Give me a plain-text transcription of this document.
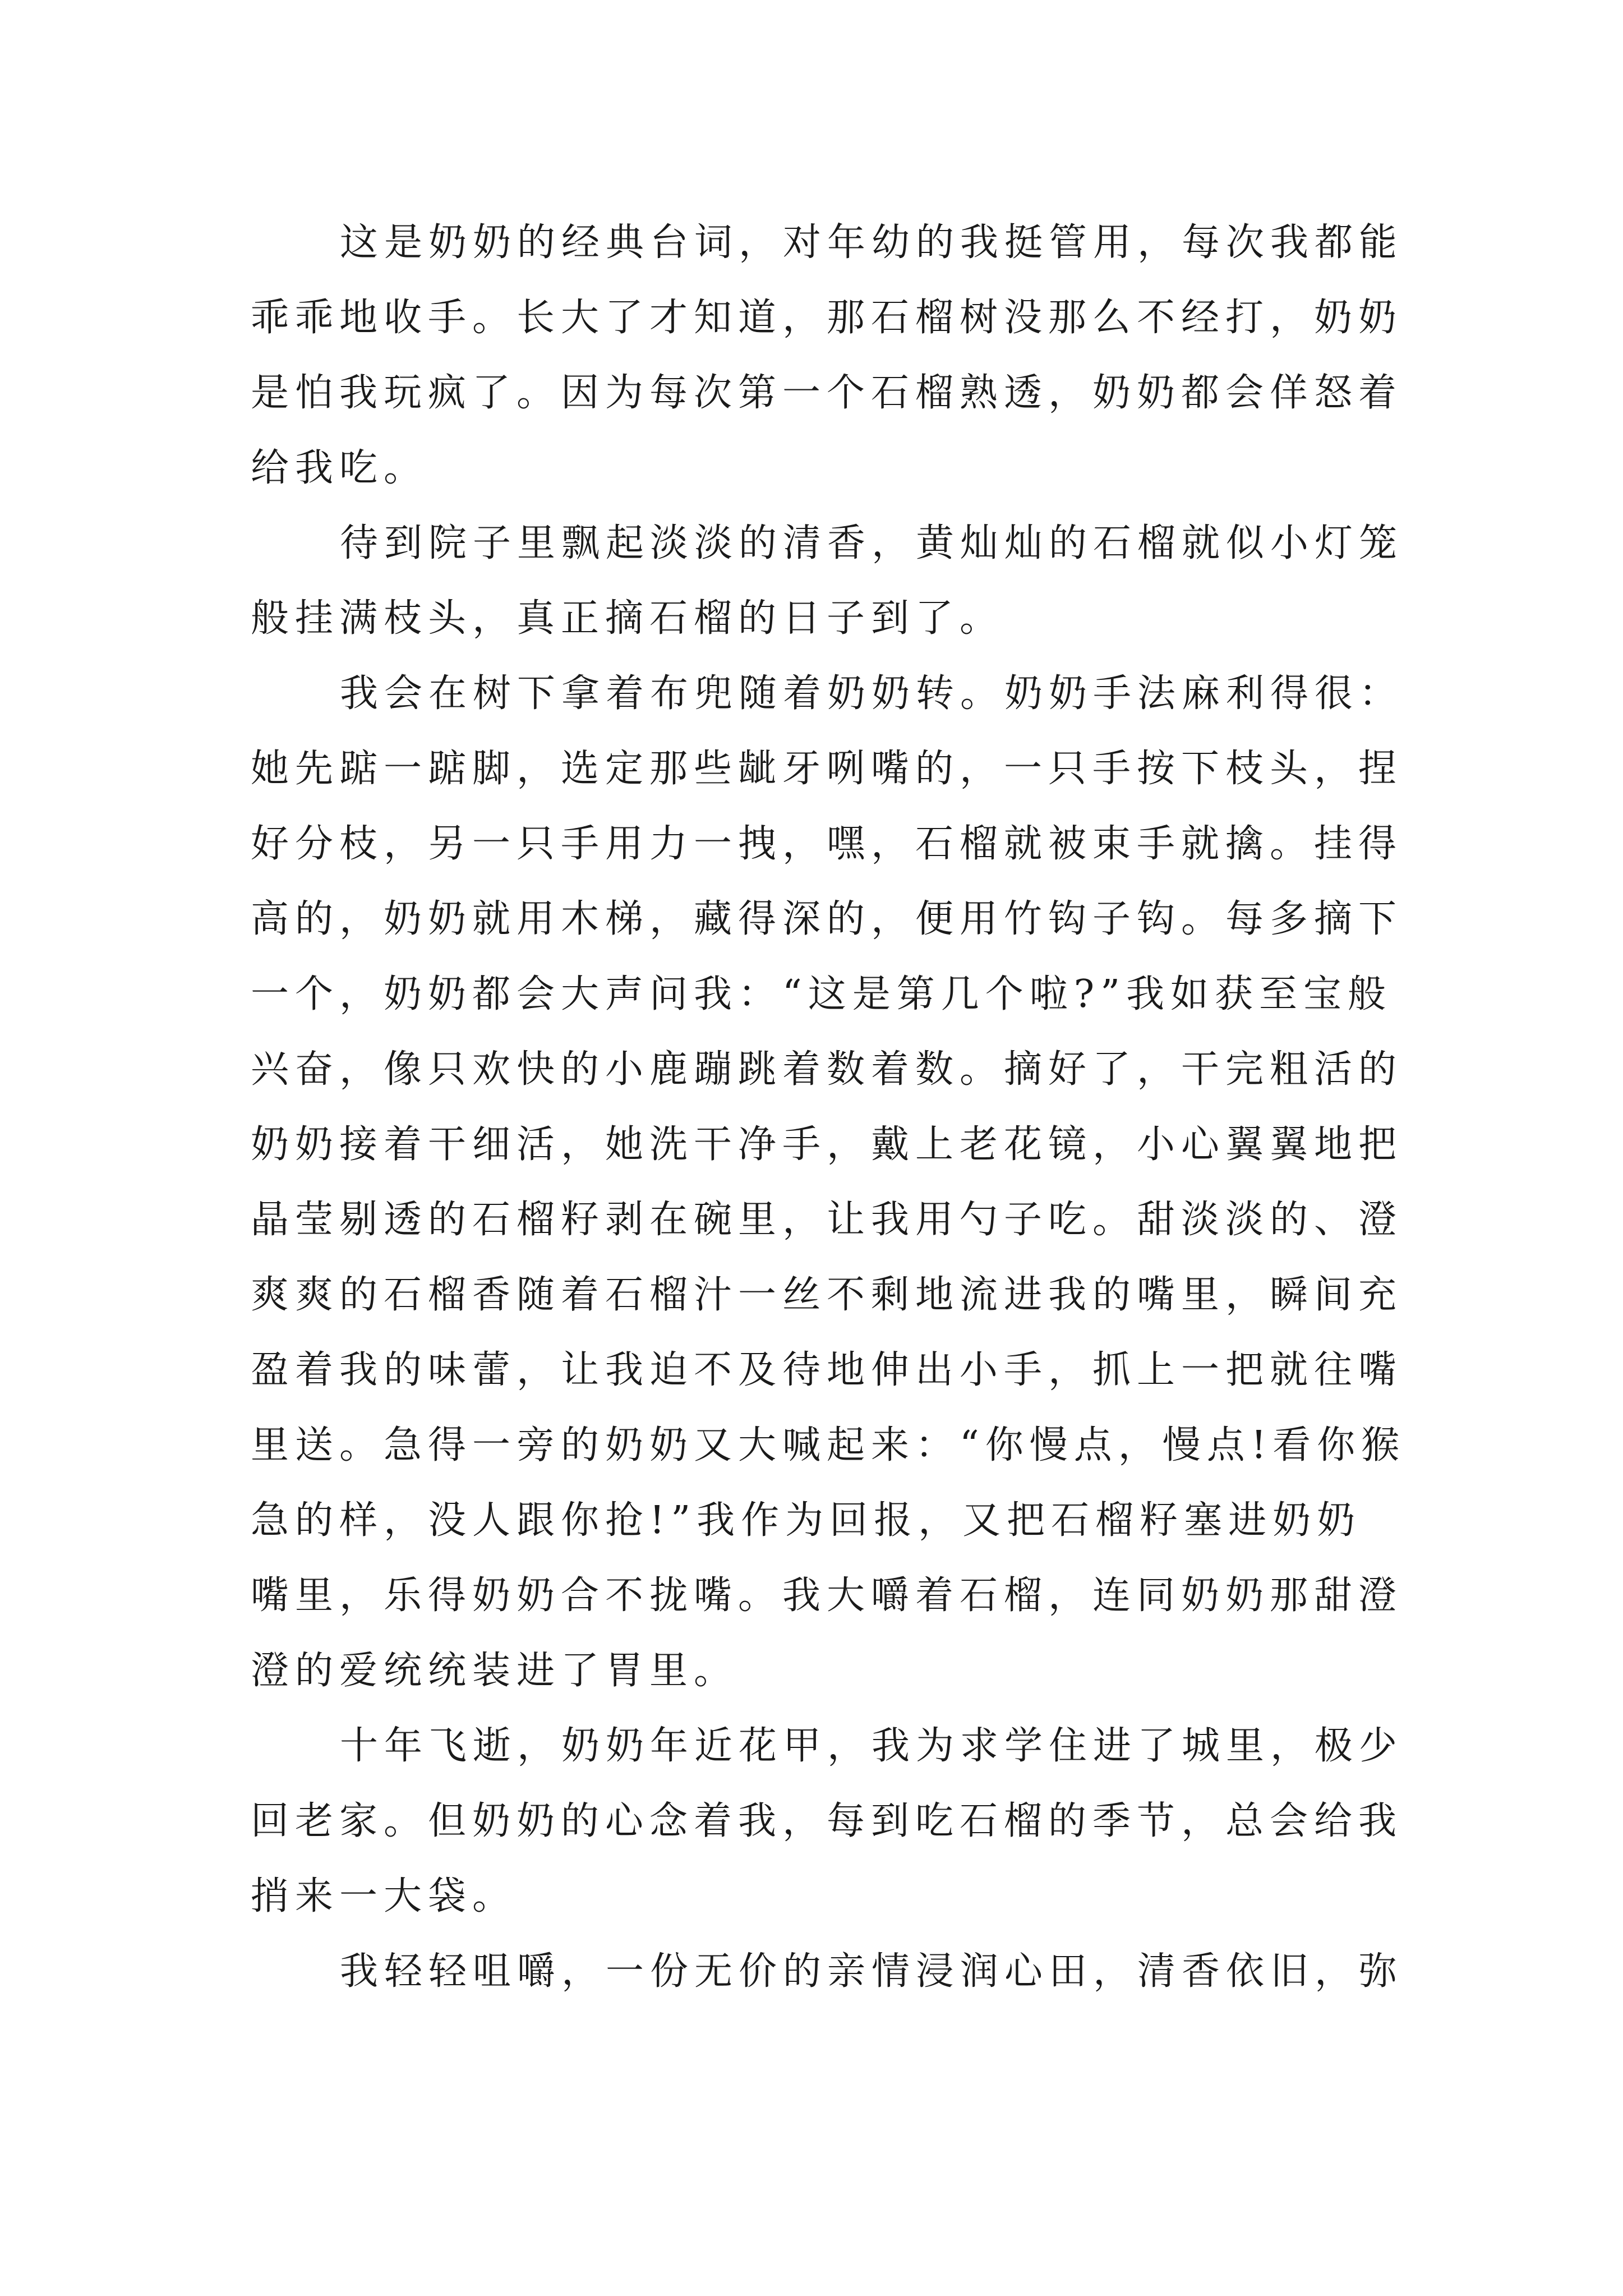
这是奶奶的经典台词，对年幼的我挺管用，每次我都能
乖乖地收手。长大了才知道，那石榴树没那么不经打，奶奶
是怕我玩疯了。因为每次第一个石榴熟透，奶奶都会佯怒着
给我吃。
待到院子里飘起淡淡的清香，黄灿灿的石榴就似小灯笼
般挂满枝头，真正摘石榴的日子到了。
我会在树下拿着布兜随着奶奶转。奶奶手法麻利得很：
她先踮一踮脚，选定那些龇牙咧嘴的，一只手按下枝头，捏
好分枝，另一只手用力一拽，嘿，石榴就被束手就擒。挂得
高的，奶奶就用木梯，藏得深的，便用竹钩子钩。每多摘下
一个，奶奶都会大声问我：“这是第几个啦?”我如获至宝般
兴奋，像只欢快的小鹿蹦跳着数着数。摘好了，干完粗活的
奶奶接着干细活，她洗干净手，戴上老花镜，小心翼翼地把
晶莹剔透的石榴籽剥在碗里，让我用勺子吃。甜淡淡的、澄
爽爽的石榴香随着石榴汁一丝不剩地流进我的嘴里，瞬间充
盈着我的味蕾，让我迫不及待地伸出小手，抓上一把就往嘴
里送。急得一旁的奶奶又大喊起来：“你慢点，慢点!看你猴
急的样，没人跟你抢!”我作为回报，又把石榴籽塞进奶奶
嘴里，乐得奶奶合不拢嘴。我大嚼着石榴，连同奶奶那甜澄
澄的爱统统装进了胃里。
十年飞逝，奶奶年近花甲，我为求学住进了城里，极少
回老家。但奶奶的心念着我，每到吃石榴的季节，总会给我
捎来一大袋。
我轻轻咀嚼，一份无价的亲情浸润心田，清香依旧，弥
